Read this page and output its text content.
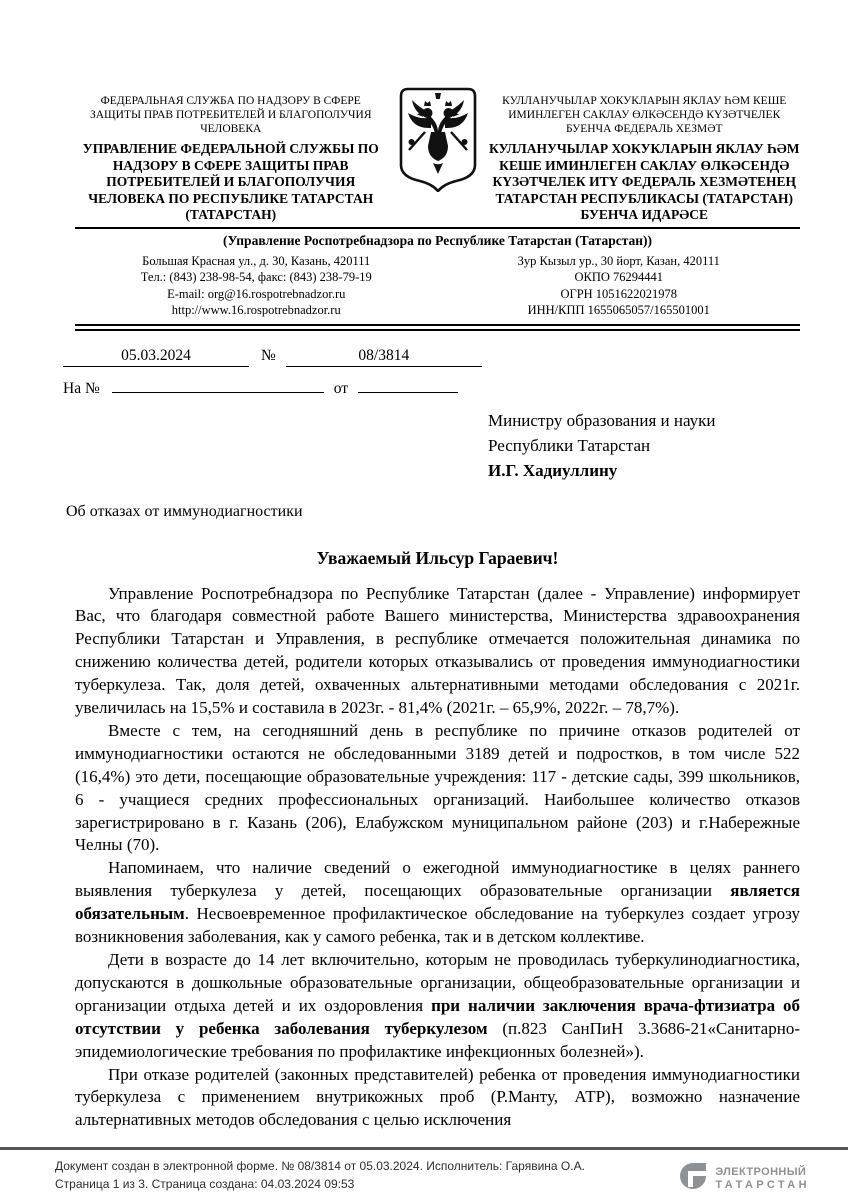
ФЕДЕРАЛЬНАЯ СЛУЖБА ПО НАДЗОРУ В СФЕРЕ ЗАЩИТЫ ПРАВ ПОТРЕБИТЕЛЕЙ И БЛАГОПОЛУЧИЯ ЧЕЛОВЕКА
УПРАВЛЕНИЕ ФЕДЕРАЛЬНОЙ СЛУЖБЫ ПО НАДЗОРУ В СФЕРЕ ЗАЩИТЫ ПРАВ ПОТРЕБИТЕЛЕЙ И БЛАГОПОЛУЧИЯ ЧЕЛОВЕКА ПО РЕСПУБЛИКЕ ТАТАРСТАН (ТАТАРСТАН)
КУЛЛАНУЧЫЛАР ХОКУКЛАРЫН ЯКЛАУ ҺӘМ КЕШЕ ИМИНЛЕГЕН САКЛАУ ӨЛКӘСЕНДӘ КҮЗӘТЧЕЛЕК БУЕНЧА ФЕДЕРАЛЬ ХЕЗМӘТ
КУЛЛАНУЧЫЛАР ХОКУКЛАРЫН ЯКЛАУ ҺӘМ КЕШЕ ИМИНЛЕГЕН САКЛАУ ӨЛКӘСЕНДӘ КҮЗӘТЧЕЛЕК ИТҮ ФЕДЕРАЛЬ ХЕЗМӘТЕНЕҢ ТАТАРСТАН РЕСПУБЛИКАСЫ (ТАТАРСТАН) БУЕНЧА ИДАРӘСЕ
(Управление Роспотребнадзора по Республике Татарстан (Татарстан))
Большая Красная ул., д. 30, Казань, 420111
Тел.: (843) 238-98-54, факс: (843) 238-79-19
E-mail: org@16.rospotrebnadzor.ru
http://www.16.rospotrebnadzor.ru
Зур Кызыл ур., 30 йорт, Казан, 420111
ОКПО 76294441
ОГРН 1051622021978
ИНН/КПП 1655065057/165501001
05.03.2024	№	08/3814
На №	от
Министру образования и науки
Республики Татарстан
И.Г. Хадиуллину
Об отказах от иммунодиагностики
Уважаемый Ильсур Гараевич!

Управление Роспотребнадзора по Республике Татарстан (далее - Управление) информирует Вас, что благодаря совместной работе Вашего министерства, Министерства здравоохранения Республики Татарстан и Управления, в республике отмечается положительная динамика по снижению количества детей, родители которых отказывались от проведения иммунодиагностики туберкулеза. Так, доля детей, охваченных альтернативными методами обследования с 2021г. увеличилась на 15,5% и составила в 2023г. - 81,4% (2021г. – 65,9%, 2022г. – 78,7%).

Вместе с тем, на сегодняшний день в республике по причине отказов родителей от иммунодиагностики остаются не обследованными 3189 детей и подростков, в том числе 522 (16,4%) это дети, посещающие образовательные учреждения: 117 - детские сады, 399 школьников, 6 - учащиеся средних профессиональных организаций. Наибольшее количество отказов зарегистрировано в г. Казань (206), Елабужском муниципальном районе (203) и г.Набережные Челны (70).

Напоминаем, что наличие сведений о ежегодной иммунодиагностике в целях раннего выявления туберкулеза у детей, посещающих образовательные организации является обязательным. Несвоевременное профилактическое обследование на туберкулез создает угрозу возникновения заболевания, как у самого ребенка, так и в детском коллективе.

Дети в возрасте до 14 лет включительно, которым не проводилась туберкулинодиагностика, допускаются в дошкольные образовательные организации, общеобразовательные организации и организации отдыха детей и их оздоровления при наличии заключения врача-фтизиатра об отсутствии у ребенка заболевания туберкулезом (п.823 СанПиН 3.3686-21«Санитарно-эпидемиологические требования по профилактике инфекционных болезней»).

При отказе родителей (законных представителей) ребенка от проведения иммунодиагностики туберкулеза с применением внутрикожных проб (Р.Манту, АТР), возможно назначение альтернативных методов обследования с целью исключения

Документ создан в электронной форме. № 08/3814 от 05.03.2024. Исполнитель: Гарявина О.А.
Страница 1 из 3. Страница создана: 04.03.2024 09:53
ЭЛЕКТРОННЫЙ
ТАТАРСТАН
